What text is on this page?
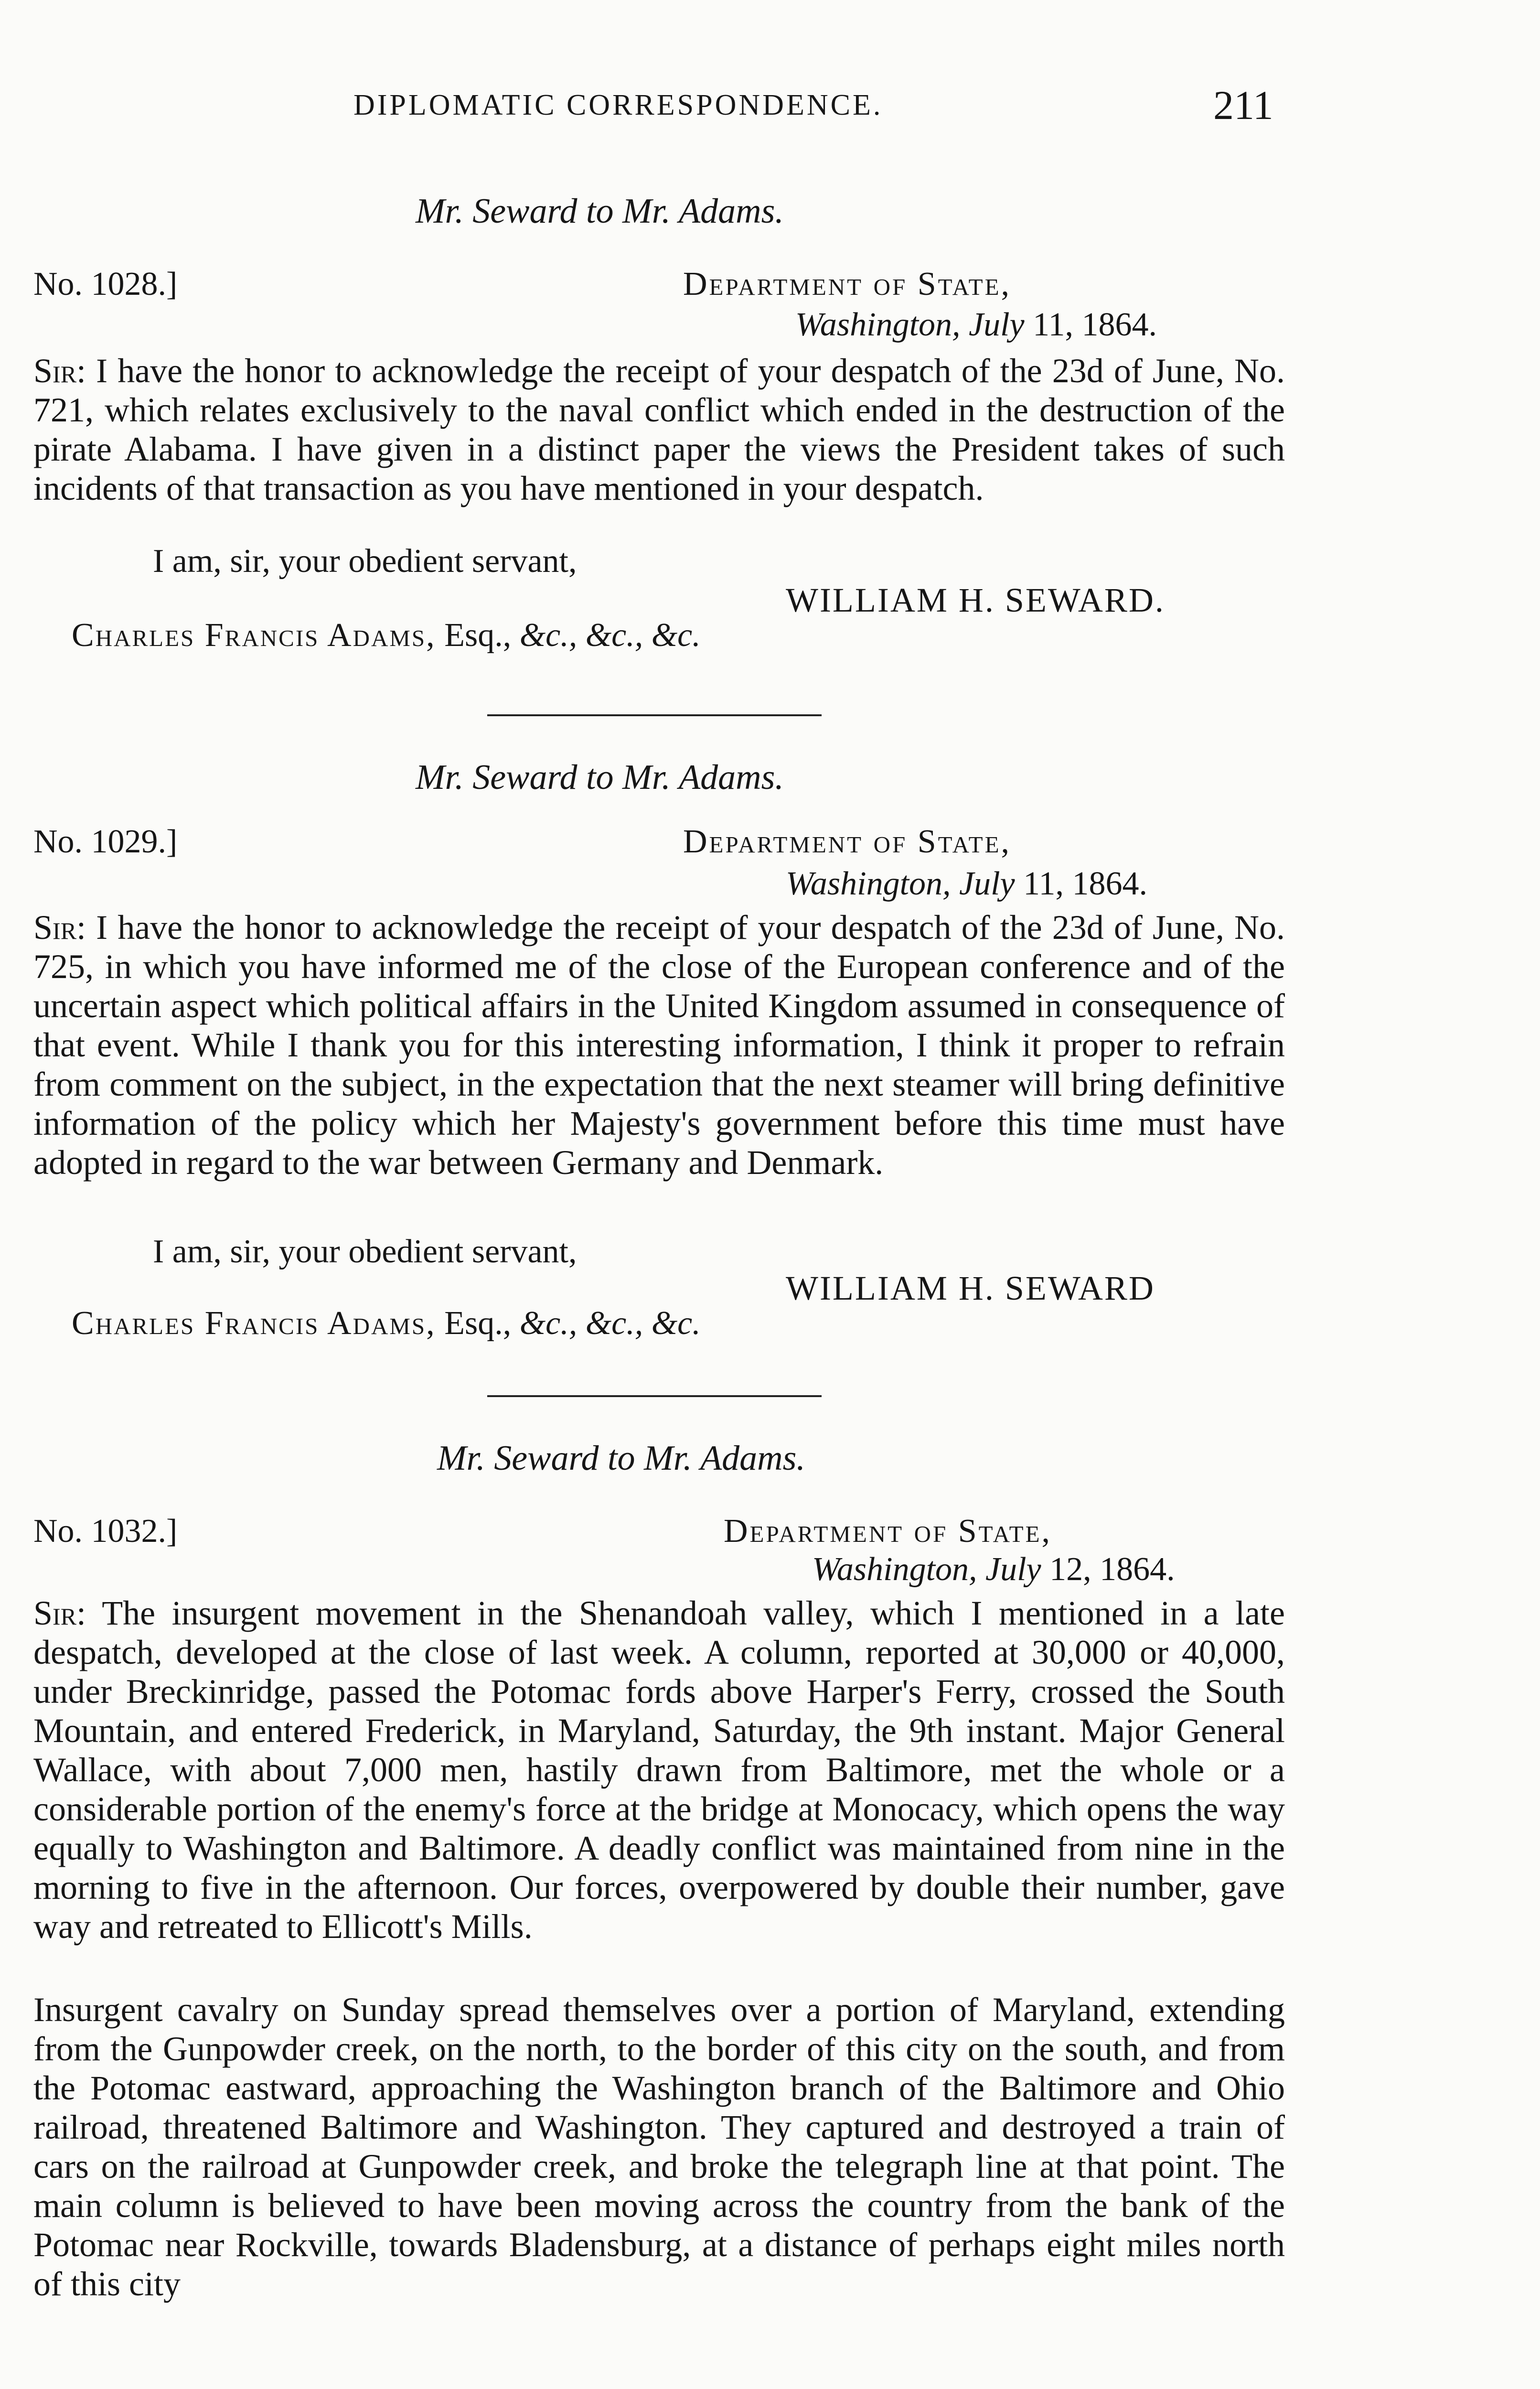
DIPLOMATIC CORRESPONDENCE.	211
Mr. Seward to Mr. Adams.
No. 1028.]	Department of State,
Washington, July 11, 1864.
Sir: I have the honor to acknowledge the receipt of your despatch of the 23d of June, No. 721, which relates exclusively to the naval conflict which ended in the destruction of the pirate Alabama. I have given in a distinct paper the views the President takes of such incidents of that transaction as you have mentioned in your despatch.
I am, sir, your obedient servant,
WILLIAM H. SEWARD.
Charles Francis Adams, Esq., &c., &c., &c.
Mr. Seward to Mr. Adams.
No. 1029.]	Department of State,
Washington, July 11, 1864.
Sir: I have the honor to acknowledge the receipt of your despatch of the 23d of June, No. 725, in which you have informed me of the close of the European conference and of the uncertain aspect which political affairs in the United Kingdom assumed in consequence of that event. While I thank you for this interesting information, I think it proper to refrain from comment on the subject, in the expectation that the next steamer will bring definitive information of the policy which her Majesty's government before this time must have adopted in regard to the war between Germany and Denmark.
I am, sir, your obedient servant,
WILLIAM H. SEWARD
Charles Francis Adams, Esq., &c., &c., &c.
Mr. Seward to Mr. Adams.
No. 1032.]	Department of State,
Washington, July 12, 1864.
Sir: The insurgent movement in the Shenandoah valley, which I mentioned in a late despatch, developed at the close of last week. A column, reported at 30,000 or 40,000, under Breckinridge, passed the Potomac fords above Harper's Ferry, crossed the South Mountain, and entered Frederick, in Maryland, Saturday, the 9th instant. Major General Wallace, with about 7,000 men, hastily drawn from Baltimore, met the whole or a considerable portion of the enemy's force at the bridge at Monocacy, which opens the way equally to Washington and Baltimore. A deadly conflict was maintained from nine in the morning to five in the afternoon. Our forces, overpowered by double their number, gave way and retreated to Ellicott's Mills.
Insurgent cavalry on Sunday spread themselves over a portion of Maryland, extending from the Gunpowder creek, on the north, to the border of this city on the south, and from the Potomac eastward, approaching the Washington branch of the Baltimore and Ohio railroad, threatened Baltimore and Washington. They captured and destroyed a train of cars on the railroad at Gunpowder creek, and broke the telegraph line at that point. The main column is believed to have been moving across the country from the bank of the Potomac near Rockville, towards Bladensburg, at a distance of perhaps eight miles north of this city
